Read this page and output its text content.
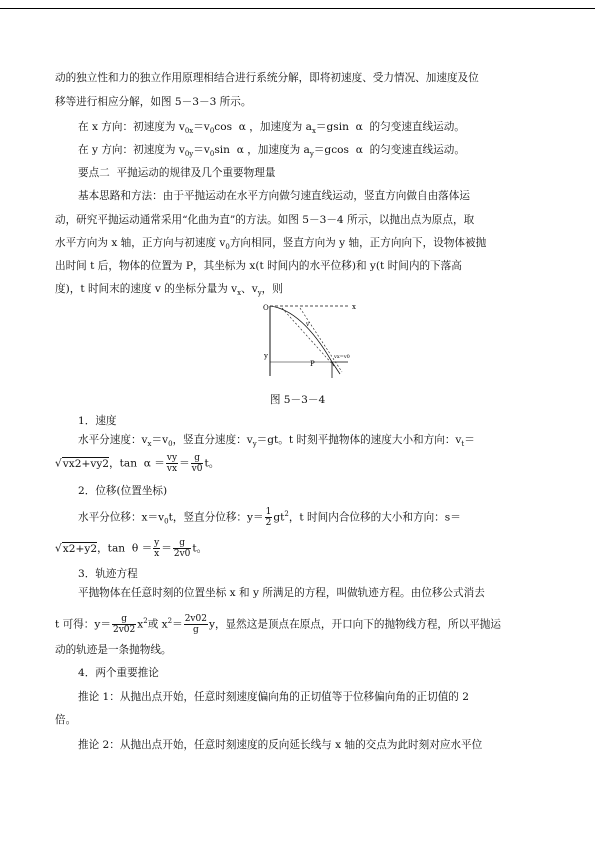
动的独立性和力的独立作用原理相结合进行系统分解，即将初速度、受力情况、加速度及位
移等进行相应分解，如图 5－3－3 所示。
在 x 方向：初速度为 $v_{0x}=v_0\cos$  α ，加速度为 $a_x=gsin$  α  的匀变速直线运动。
在 y 方向：初速度为 $v_{0y}=v_0\sin$  α ，加速度为 $a_y=gcos$  α  的匀变速直线运动。
要点二  平抛运动的规律及几个重要物理量
基本思路和方法：由于平抛运动在水平方向做匀速直线运动，竖直方向做自由落体运
动，研究平抛运动通常采用“化曲为直”的方法。如图 5－3－4 所示，以抛出点为原点，取
水平方向为 x 轴，正方向与初速度 $v_0$方向相同，竖直方向为 y 轴，正方向向下，设物体被抛
出时间 t 后，物体的位置为 P，其坐标为 x(t 时间内的水平位移)和 y(t 时间内的下落高
度)，t 时间末的速度 v 的坐标分量为 $v_x$、$v_y$，则
O	x
y
P
vx=v0
v
图 5－3－4
1．速度
水平分速度：$v_x=v_0$，竖直分速度：$v_y=gt$。t 时刻平抛物体的速度大小和方向：$v_t=$
√vx2+vy2，$\tan \alpha = \frac{vy}{vx} = \frac{g}{v0}$ t。
2．位移(位置坐标)
水平分位移：$x=v_0t$，竖直分位移：$y= \frac{1}{2} gt^2$，t 时间内合位移的大小和方向：s＝
√x2+y2，$\tan \theta = \frac{y}{x} = \frac{g}{2v0}$ t。
3．轨迹方程
平抛物体在任意时刻的位置坐标 x 和 y 所满足的方程，叫做轨迹方程。由位移公式消去
t 可得：$y= \frac{g}{2v02} x^2$或 $x^2= \frac{2v02}{g}$ y，显然这是顶点在原点，开口向下的抛物线方程，所以平抛运
动的轨迹是一条抛物线。
4．两个重要推论
推论 1：从抛出点开始，任意时刻速度偏向角的正切值等于位移偏向角的正切值的 2
倍。
推论 2：从抛出点开始，任意时刻速度的反向延长线与 x 轴的交点为此时刻对应水平位
